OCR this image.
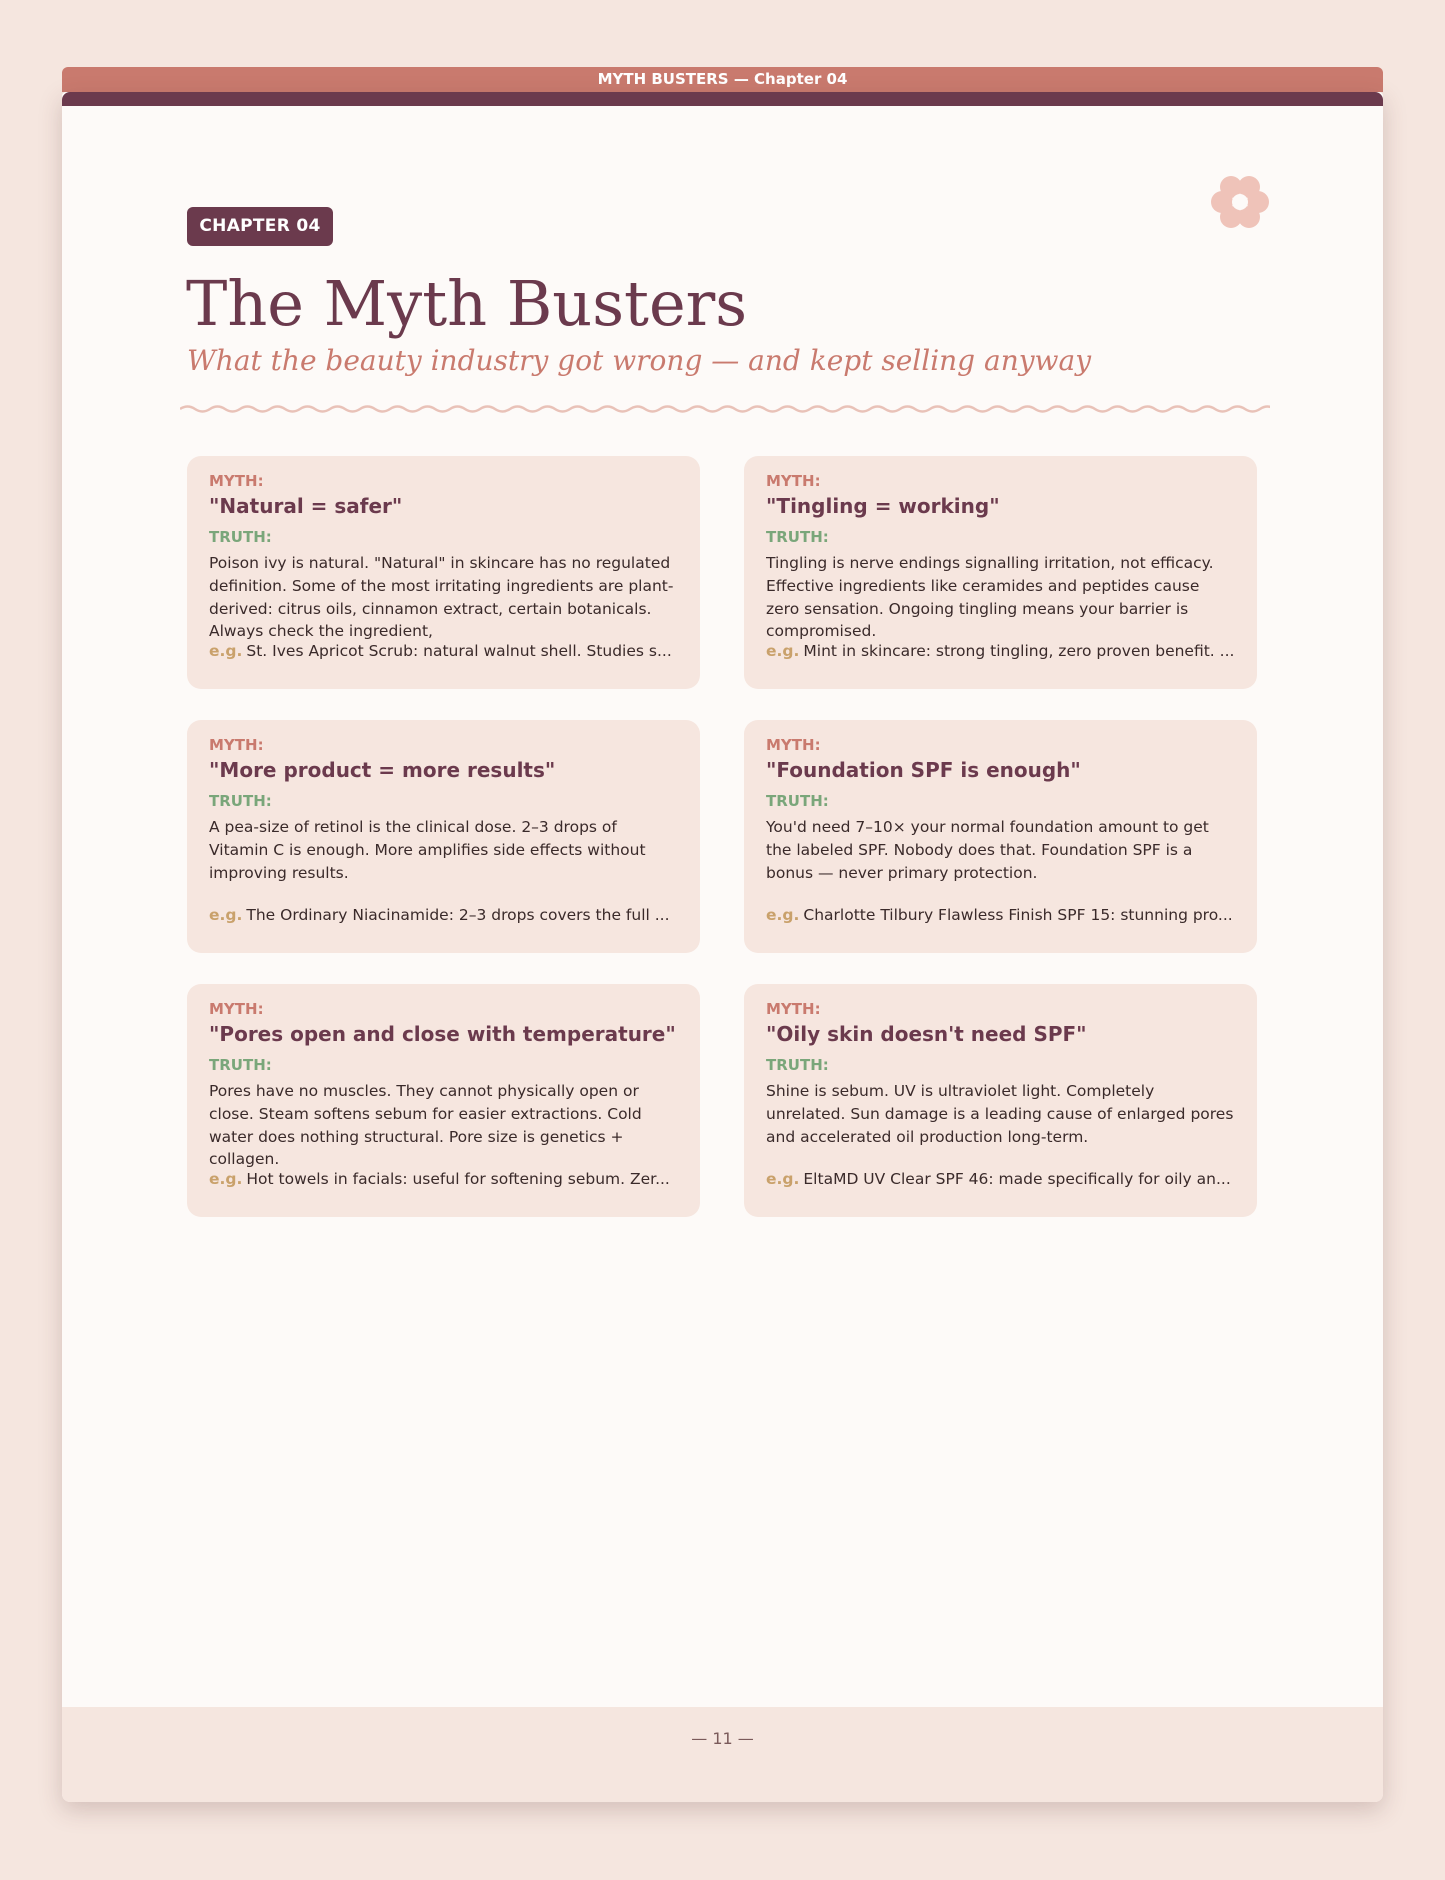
MYTH BUSTERS — Chapter 04
CHAPTER 04
The Myth Busters
What the beauty industry got wrong — and kept selling anyway
MYTH:
"Natural = safer"
TRUTH:
Poison ivy is natural. "Natural" in skincare has no regulated definition. Some of the most irritating ingredients are plant-derived: citrus oils, cinnamon extract, certain botanicals. Always check the ingredient,
e.g. St. Ives Apricot Scrub: natural walnut shell. Studies s...
MYTH:
"Tingling = working"
TRUTH:
Tingling is nerve endings signalling irritation, not efficacy. Effective ingredients like ceramides and peptides cause zero sensation. Ongoing tingling means your barrier is compromised.
e.g. Mint in skincare: strong tingling, zero proven benefit. ...
MYTH:
"More product = more results"
TRUTH:
A pea-size of retinol is the clinical dose. 2–3 drops of Vitamin C is enough. More amplifies side effects without improving results.
e.g. The Ordinary Niacinamide: 2–3 drops covers the full ...
MYTH:
"Foundation SPF is enough"
TRUTH:
You'd need 7–10× your normal foundation amount to get the labeled SPF. Nobody does that. Foundation SPF is a bonus — never primary protection.
e.g. Charlotte Tilbury Flawless Finish SPF 15: stunning pro...
MYTH:
"Pores open and close with temperature"
TRUTH:
Pores have no muscles. They cannot physically open or close. Steam softens sebum for easier extractions. Cold water does nothing structural. Pore size is genetics + collagen.
e.g. Hot towels in facials: useful for softening sebum. Zer...
MYTH:
"Oily skin doesn't need SPF"
TRUTH:
Shine is sebum. UV is ultraviolet light. Completely unrelated. Sun damage is a leading cause of enlarged pores and accelerated oil production long-term.
e.g. EltaMD UV Clear SPF 46: made specifically for oily an...
— 11 —
